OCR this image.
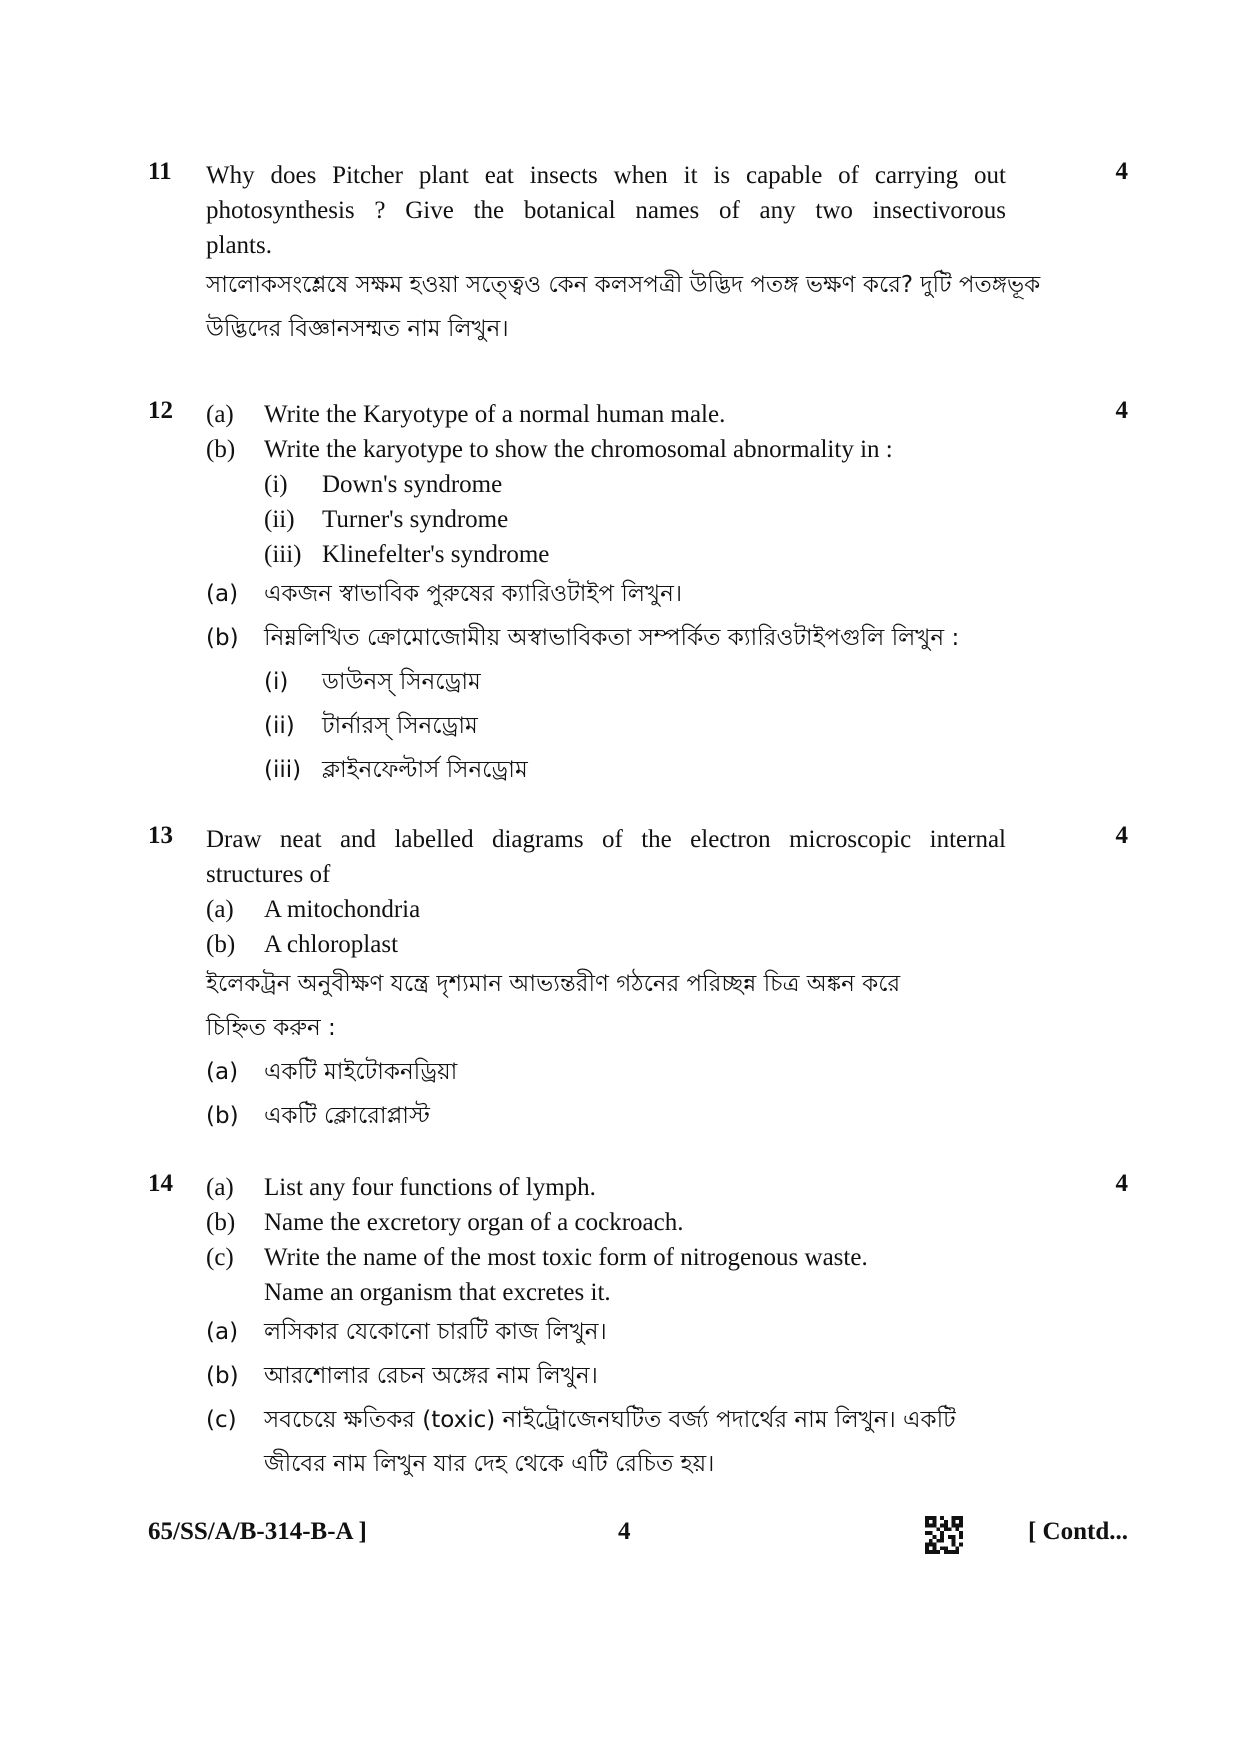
11	4
Why does Pitcher plant eat insects when it is capable of carrying out
photosynthesis ? Give the botanical names of any two insectivorous
plants.
সালোকসংশ্লেষে সক্ষম হওয়া সত্ত্বেও কেন কলসপত্রী উদ্ভিদ পতঙ্গ ভক্ষণ করে? দুটি পতঙ্গভূক
উদ্ভিদের বিজ্ঞানসম্মত নাম লিখুন।
12	4
(a) Write the Karyotype of a normal human male.
(b) Write the karyotype to show the chromosomal abnormality in :
(i) Down's syndrome
(ii) Turner's syndrome
(iii) Klinefelter's syndrome
(a) একজন স্বাভাবিক পুরুষের ক্যারিওটাইপ লিখুন।
(b) নিম্নলিখিত ক্রোমোজোমীয় অস্বাভাবিকতা সম্পর্কিত ক্যারিওটাইপগুলি লিখুন :
(i) ডাউনস্ সিনড্রোম
(ii) টার্নারস্ সিনড্রোম
(iii) ক্লাইনফেল্টার্স সিনড্রোম
13	4
Draw neat and labelled diagrams of the electron microscopic internal
structures of
(a) A mitochondria
(b) A chloroplast
ইলেকট্রন অনুবীক্ষণ যন্ত্রে দৃশ্যমান আভ্যন্তরীণ গঠনের পরিচ্ছন্ন চিত্র অঙ্কন করে
চিহ্নিত করুন :
(a) একটি মাইটোকনড্রিয়া
(b) একটি ক্লোরোপ্লাস্ট
14	4
(a) List any four functions of lymph.
(b) Name the excretory organ of a cockroach.
(c) Write the name of the most toxic form of nitrogenous waste.
Name an organism that excretes it.
(a) লসিকার যেকোনো চারটি কাজ লিখুন।
(b) আরশোলার রেচন অঙ্গের নাম লিখুন।
(c) সবচেয়ে ক্ষতিকর (toxic) নাইট্রোজেনঘটিত বর্জ্য পদার্থের নাম লিখুন। একটি
জীবের নাম লিখুন যার দেহ থেকে এটি রেচিত হয়।
65/SS/A/B-314-B-A ]	4	[ Contd...
